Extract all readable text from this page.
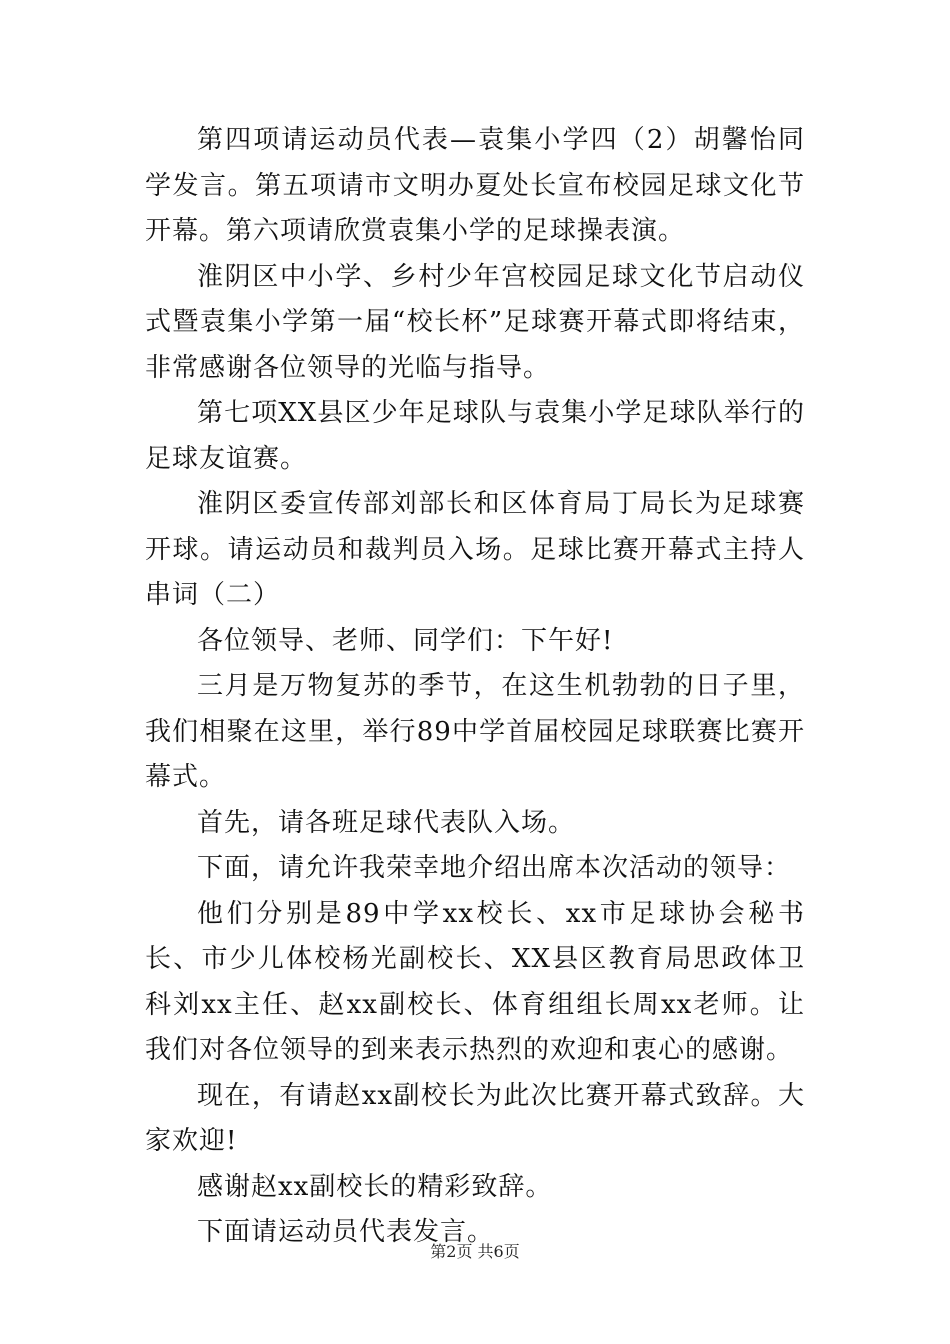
第四项请运动员代表—袁集小学四（2）胡馨怡同学发言。第五项请市文明办夏处长宣布校园足球文化节开幕。第六项请欣赏袁集小学的足球操表演。

淮阴区中小学、乡村少年宫校园足球文化节启动仪式暨袁集小学第一届“校长杯”足球赛开幕式即将结束，非常感谢各位领导的光临与指导。

第七项XX县区少年足球队与袁集小学足球队举行的足球友谊赛。

淮阴区委宣传部刘部长和区体育局丁局长为足球赛开球。请运动员和裁判员入场。足球比赛开幕式主持人串词（二）

各位领导、老师、同学们：下午好!

三月是万物复苏的季节，在这生机勃勃的日子里，我们相聚在这里，举行89中学首届校园足球联赛比赛开幕式。

首先，请各班足球代表队入场。

下面，请允许我荣幸地介绍出席本次活动的领导：

他们分别是89中学xx校长、xx市足球协会秘书长、市少儿体校杨光副校长、XX县区教育局思政体卫科刘xx主任、赵xx副校长、体育组组长周xx老师。让我们对各位领导的到来表示热烈的欢迎和衷心的感谢。

现在，有请赵xx副校长为此次比赛开幕式致辞。大家欢迎!

感谢赵xx副校长的精彩致辞。

下面请运动员代表发言。

第2页 共6页
